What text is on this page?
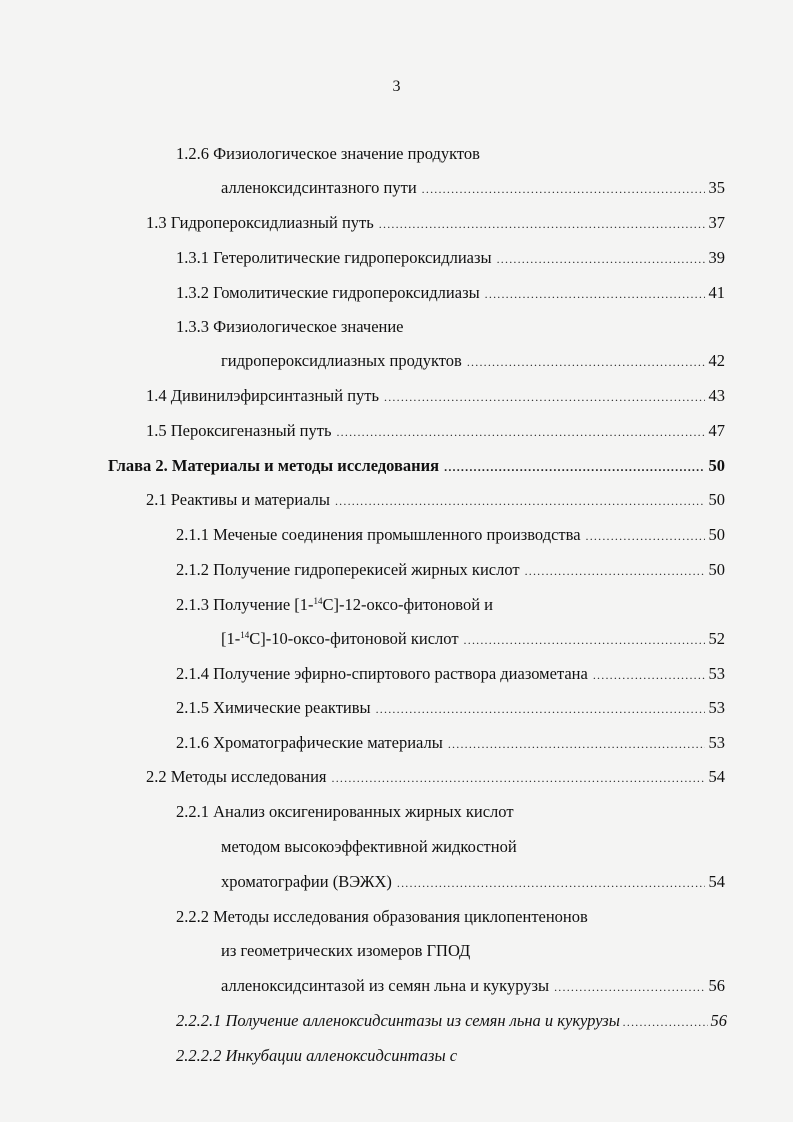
3
1.2.6 Физиологическое значение продуктов
алленоксидсинтазного пути .....	35
1.3 Гидропероксидлиазный путь .....	37
1.3.1 Гетеролитические гидропероксидлиазы .....	39
1.3.2 Гомолитические гидропероксидлиазы .....	41
1.3.3 Физиологическое значение
гидропероксидлиазных продуктов .....	42
1.4 Дивинилэфирсинтазный путь .....	43
1.5 Пероксигеназный путь .....	47
Глава 2. Материалы и методы исследования .....	50
2.1 Реактивы и материалы .....	50
2.1.1 Меченые соединения промышленного производства .....	50
2.1.2 Получение гидроперекисей жирных кислот .....	50
2.1.3 Получение [1-$^{14}$C]-12-оксо-фитоновой и
[1-$^{14}$C]-10-оксо-фитоновой кислот .....	52
2.1.4 Получение эфирно-спиртового раствора диазометана .....	53
2.1.5 Химические реактивы .....	53
2.1.6 Хроматографические материалы .....	53
2.2 Методы исследования .....	54
2.2.1 Анализ оксигенированных жирных кислот
методом высокоэффективной жидкостной
хроматографии (ВЭЖХ) .....	54
2.2.2 Методы исследования образования циклопентенонов
из геометрических изомеров ГПОД
алленоксидсинтазой из семян льна и кукурузы .....	56
2.2.2.1 Получение алленоксидсинтазы из семян льна и кукурузы .....	56
2.2.2.2 Инкубации алленоксидсинтазы с
